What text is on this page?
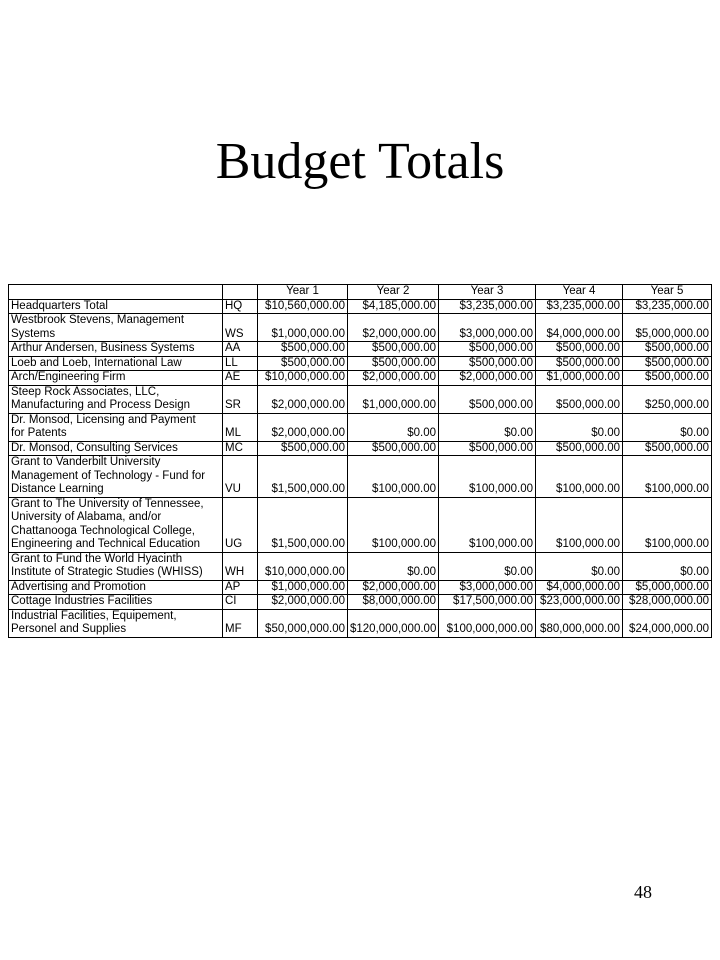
Budget Totals
		Year 1	Year 2	Year 3	Year 4	Year 5

Headquarters Total	HQ	$10,560,000.00	$4,185,000.00	$3,235,000.00	$3,235,000.00	$3,235,000.00

Westbrook Stevens, Management
Systems	WS	$1,000,000.00	$2,000,000.00	$3,000,000.00	$4,000,000.00	$5,000,000.00

Arthur Andersen, Business Systems	AA	$500,000.00	$500,000.00	$500,000.00	$500,000.00	$500,000.00

Loeb and Loeb, International Law	LL	$500,000.00	$500,000.00	$500,000.00	$500,000.00	$500,000.00

Arch/Engineering Firm	AE	$10,000,000.00	$2,000,000.00	$2,000,000.00	$1,000,000.00	$500,000.00

Steep Rock Associates, LLC,
Manufacturing and Process Design	SR	$2,000,000.00	$1,000,000.00	$500,000.00	$500,000.00	$250,000.00

Dr. Monsod, Licensing and Payment
for Patents	ML	$2,000,000.00	$0.00	$0.00	$0.00	$0.00

Dr. Monsod, Consulting Services	MC	$500,000.00	$500,000.00	$500,000.00	$500,000.00	$500,000.00

Grant to Vanderbilt University
Management of Technology - Fund for
Distance Learning	VU	$1,500,000.00	$100,000.00	$100,000.00	$100,000.00	$100,000.00

Grant to The University of Tennessee,
University of Alabama, and/or
Chattanooga Technological College,
Engineering and Technical Education	UG	$1,500,000.00	$100,000.00	$100,000.00	$100,000.00	$100,000.00

Grant to Fund the World Hyacinth
Institute of Strategic Studies (WHISS)	WH	$10,000,000.00	$0.00	$0.00	$0.00	$0.00

Advertising and Promotion	AP	$1,000,000.00	$2,000,000.00	$3,000,000.00	$4,000,000.00	$5,000,000.00

Cottage Industries Facilities	CI	$2,000,000.00	$8,000,000.00	$17,500,000.00	$23,000,000.00	$28,000,000.00

Industrial Facilities, Equipement,
Personel and Supplies	MF	$50,000,000.00	$120,000,000.00	$100,000,000.00	$80,000,000.00	$24,000,000.00
48
